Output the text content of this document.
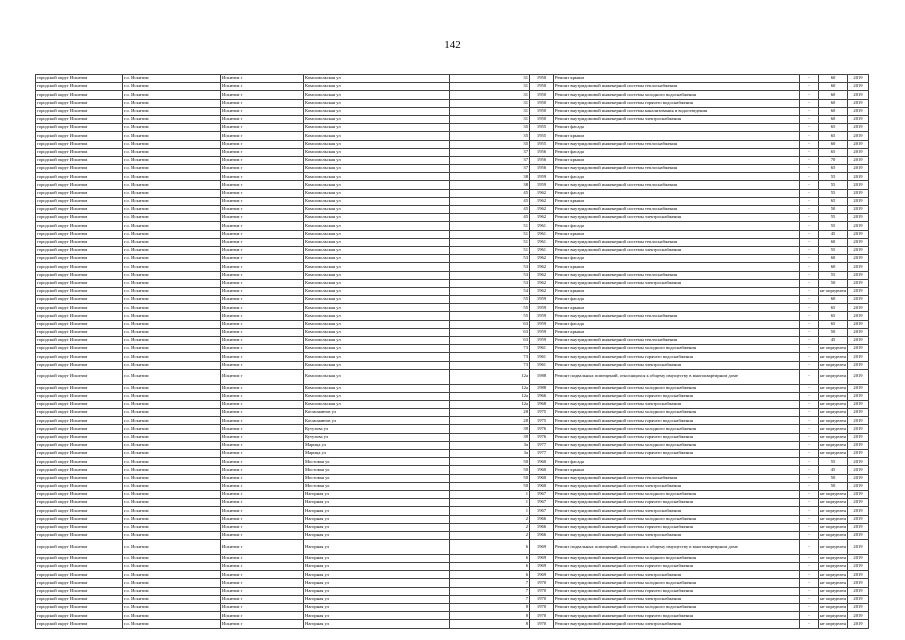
142
городской округ Искитим	г.о. Искитим	Искитим г	Комсомольская ул	31	1950	Ремонт крыши	-	60	2019	
городской округ Искитим	г.о. Искитим	Искитим г	Комсомольская ул	31	1950	Ремонт внутридомовой инженерной системы теплоснабжения	-	60	2019	
городской округ Искитим	г.о. Искитим	Искитим г	Комсомольская ул	31	1950	Ремонт внутридомовой инженерной системы холодного водоснабжения	-	60	2019	
городской округ Искитим	г.о. Искитим	Искитим г	Комсомольская ул	31	1950	Ремонт внутридомовой инженерной системы горячего водоснабжения	-	60	2019	
городской округ Искитим	г.о. Искитим	Искитим г	Комсомольская ул	31	1950	Ремонт внутридомовой инженерной системы канализования и водоотведения	-	60	2019	
городской округ Искитим	г.о. Искитим	Искитим г	Комсомольская ул	31	1950	Ремонт внутридомовой инженерной системы электроснабжения	-	60	2019	
городской округ Искитим	г.о. Искитим	Искитим г	Комсомольская ул	35	1955	Ремонт фасада	-	65	2019	
городской округ Искитим	г.о. Искитим	Искитим г	Комсомольская ул	35	1955	Ремонт крыши	-	65	2019	
городской округ Искитим	г.о. Искитим	Искитим г	Комсомольская ул	35	1955	Ремонт внутридомовой инженерной системы теплоснабжения	-	60	2019	
городской округ Искитим	г.о. Искитим	Искитим г	Комсомольская ул	37	1956	Ремонт фасада	-	65	2019	
городской округ Искитим	г.о. Искитим	Искитим г	Комсомольская ул	37	1956	Ремонт крыши	-	70	2019	
городской округ Искитим	г.о. Искитим	Искитим г	Комсомольская ул	37	1956	Ремонт внутридомовой инженерной системы теплоснабжения	-	65	2019	
городской округ Искитим	г.о. Искитим	Искитим г	Комсомольская ул	38	1959	Ремонт фасада	-	55	2019	
городской округ Искитим	г.о. Искитим	Искитим г	Комсомольская ул	38	1959	Ремонт внутридомовой инженерной системы теплоснабжения	-	55	2019	
городской округ Искитим	г.о. Искитим	Искитим г	Комсомольская ул	45	1962	Ремонт фасада	-	55	2019	
городской округ Искитим	г.о. Искитим	Искитим г	Комсомольская ул	45	1962	Ремонт крыши	-	65	2019	
городской округ Искитим	г.о. Искитим	Искитим г	Комсомольская ул	45	1962	Ремонт внутридомовой инженерной системы теплоснабжения	-	50	2019	
городской округ Искитим	г.о. Искитим	Искитим г	Комсомольская ул	45	1962	Ремонт внутридомовой инженерной системы электроснабжения	-	55	2019	
городской округ Искитим	г.о. Искитим	Искитим г	Комсомольская ул	51	1961	Ремонт фасада	-	55	2019	
городской округ Искитим	г.о. Искитим	Искитим г	Комсомольская ул	51	1961	Ремонт крыши	-	45	2019	
городской округ Искитим	г.о. Искитим	Искитим г	Комсомольская ул	51	1961	Ремонт внутридомовой инженерной системы теплоснабжения	-	60	2019	
городской округ Искитим	г.о. Искитим	Искитим г	Комсомольская ул	51	1961	Ремонт внутридомовой инженерной системы электроснабжения	-	55	2019	
городской округ Искитим	г.о. Искитим	Искитим г	Комсомольская ул	53	1962	Ремонт фасада	-	60	2019	
городской округ Искитим	г.о. Искитим	Искитим г	Комсомольская ул	53	1962	Ремонт крыши	-	60	2019	
городской округ Искитим	г.о. Искитим	Искитим г	Комсомольская ул	53	1962	Ремонт внутридомовой инженерной системы теплоснабжения	-	55	2019	
городской округ Искитим	г.о. Искитим	Искитим г	Комсомольская ул	53	1962	Ремонт внутридомовой инженерной системы электроснабжения	-	50	2019	
городской округ Искитим	г.о. Искитим	Искитим г	Комсомольская ул	54	1962	Ремонт крыши	-	не определен	2019	
городской округ Искитим	г.о. Искитим	Искитим г	Комсомольская ул	55	1959	Ремонт фасада	-	60	2019	
городской округ Искитим	г.о. Искитим	Искитим г	Комсомольская ул	55	1959	Ремонт крыши	-	65	2019	
городской округ Искитим	г.о. Искитим	Искитим г	Комсомольская ул	55	1959	Ремонт внутридомовой инженерной системы теплоснабжения	-	65	2019	
городской округ Искитим	г.о. Искитим	Искитим г	Комсомольская ул	63	1959	Ремонт фасада	-	65	2019	
городской округ Искитим	г.о. Искитим	Искитим г	Комсомольская ул	63	1959	Ремонт крыши	-	50	2019	
городской округ Искитим	г.о. Искитим	Искитим г	Комсомольская ул	63	1959	Ремонт внутридомовой инженерной системы теплоснабжения	-	45	2019	
городской округ Искитим	г.о. Искитим	Искитим г	Комсомольская ул	73	1961	Ремонт внутридомовой инженерной системы холодного водоснабжения	-	не определен	2019	
городской округ Искитим	г.о. Искитим	Искитим г	Комсомольская ул	73	1961	Ремонт внутридомовой инженерной системы горячего водоснабжения	-	не определен	2019	
городской округ Искитим	г.о. Искитим	Искитим г	Комсомольская ул	73	1961	Ремонт внутридомовой инженерной системы электроснабжения	-	не определен	2019	
городской округ Искитим	г.о. Искитим	Искитим г	Комсомольская ул	12а	1988	Ремонт подвальных помещений, относящихся к общему имуществу в многоквартирном доме	-	не определен	2019	
городской округ Искитим	г.о. Искитим	Искитим г	Комсомольская ул	12а	1988	Ремонт внутридомовой инженерной системы холодного водоснабжения	-	не определен	2019	
городской округ Искитим	г.о. Искитим	Искитим г	Комсомольская ул	12а	1966	Ремонт внутридомовой инженерной системы горячего водоснабжения	-	не определен	2019	
городской округ Искитим	г.о. Искитим	Искитим г	Комсомольская ул	12а	1968	Ремонт внутридомовой инженерной системы электроснабжения	-	не определен	2019	
городской округ Искитим	г.о. Искитим	Искитим г	Космонавтов ул	28	1975	Ремонт внутридомовой инженерной системы холодного водоснабжения	-	не определен	2019	
городской округ Искитим	г.о. Искитим	Искитим г	Космонавтов ул	28	1975	Ремонт внутридомовой инженерной системы горячего водоснабжения	-	не определен	2019	
городской округ Искитим	г.о. Искитим	Искитим г	Кутузова ул	39	1976	Ремонт внутридомовой инженерной системы холодного водоснабжения	-	не определен	2019	
городской округ Искитим	г.о. Искитим	Искитим г	Кутузова ул	39	1976	Ремонт внутридомовой инженерной системы горячего водоснабжения	-	не определен	2019	
городской округ Искитим	г.о. Искитим	Искитим г	Марица ул	3а	1977	Ремонт внутридомовой инженерной системы холодного водоснабжения	-	не определен	2019	
городской округ Искитим	г.о. Искитим	Искитим г	Марица ул	3а	1977	Ремонт внутридомовой инженерной системы горячего водоснабжения	-	не определен	2019	
городской округ Искитим	г.о. Искитим	Искитим г	Мостовая ул	50	1960	Ремонт фасада	-	55	2019	
городской округ Искитим	г.о. Искитим	Искитим г	Мостовая ул	50	1960	Ремонт крыши	-	45	2019	
городской округ Искитим	г.о. Искитим	Искитим г	Мостовая ул	50	1960	Ремонт внутридомовой инженерной системы теплоснабжения	-	50	2019	
городской округ Искитим	г.о. Искитим	Искитим г	Мостовая ул	50	1960	Ремонт внутридомовой инженерной системы электроснабжения	-	50	2019	
городской округ Искитим	г.о. Искитим	Искитим г	Нагорная ул	1	1967	Ремонт внутридомовой инженерной системы холодного водоснабжения	-	не определен	2019	
городской округ Искитим	г.о. Искитим	Искитим г	Нагорная ул	1	1967	Ремонт внутридомовой инженерной системы горячего водоснабжения	-	не определен	2019	
городской округ Искитим	г.о. Искитим	Искитим г	Нагорная ул	1	1967	Ремонт внутридомовой инженерной системы электроснабжения	-	не определен	2019	
городской округ Искитим	г.о. Искитим	Искитим г	Нагорная ул	2	1966	Ремонт внутридомовой инженерной системы холодного водоснабжения	-	не определен	2019	
городской округ Искитим	г.о. Искитим	Искитим г	Нагорная ул	2	1966	Ремонт внутридомовой инженерной системы горячего водоснабжения	-	не определен	2019	
городской округ Искитим	г.о. Искитим	Искитим г	Нагорная ул	2	1966	Ремонт внутридомовой инженерной системы электроснабжения	-	не определен	2019	
городской округ Искитим	г.о. Искитим	Искитим г	Нагорная ул	6	1969	Ремонт подвальных помещений, относящихся к общему имуществу в многоквартирном доме	-	не определен	2019	
городской округ Искитим	г.о. Искитим	Искитим г	Нагорная ул	6	1969	Ремонт внутридомовой инженерной системы холодного водоснабжения	-	не определен	2019	
городской округ Искитим	г.о. Искитим	Искитим г	Нагорная ул	6	1969	Ремонт внутридомовой инженерной системы горячего водоснабжения	-	не определен	2019	
городской округ Искитим	г.о. Искитим	Искитим г	Нагорная ул	6	1969	Ремонт внутридомовой инженерной системы электроснабжения	-	не определен	2019	
городской округ Искитим	г.о. Искитим	Искитим г	Нагорная ул	7	1970	Ремонт внутридомовой инженерной системы холодного водоснабжения	-	не определен	2019	
городской округ Искитим	г.о. Искитим	Искитим г	Нагорная ул	7	1970	Ремонт внутридомовой инженерной системы горячего водоснабжения	-	не определен	2019	
городской округ Искитим	г.о. Искитим	Искитим г	Нагорная ул	7	1970	Ремонт внутридомовой инженерной системы электроснабжения	-	не определен	2019	
городской округ Искитим	г.о. Искитим	Искитим г	Нагорная ул	8	1970	Ремонт внутридомовой инженерной системы холодного водоснабжения	-	не определен	2019	
городской округ Искитим	г.о. Искитим	Искитим г	Нагорная ул	8	1970	Ремонт внутридомовой инженерной системы горячего водоснабжения	-	не определен	2019	
городской округ Искитим	г.о. Искитим	Искитим г	Нагорная ул	8	1970	Ремонт внутридомовой инженерной системы электроснабжения	-	не определен	2019	
